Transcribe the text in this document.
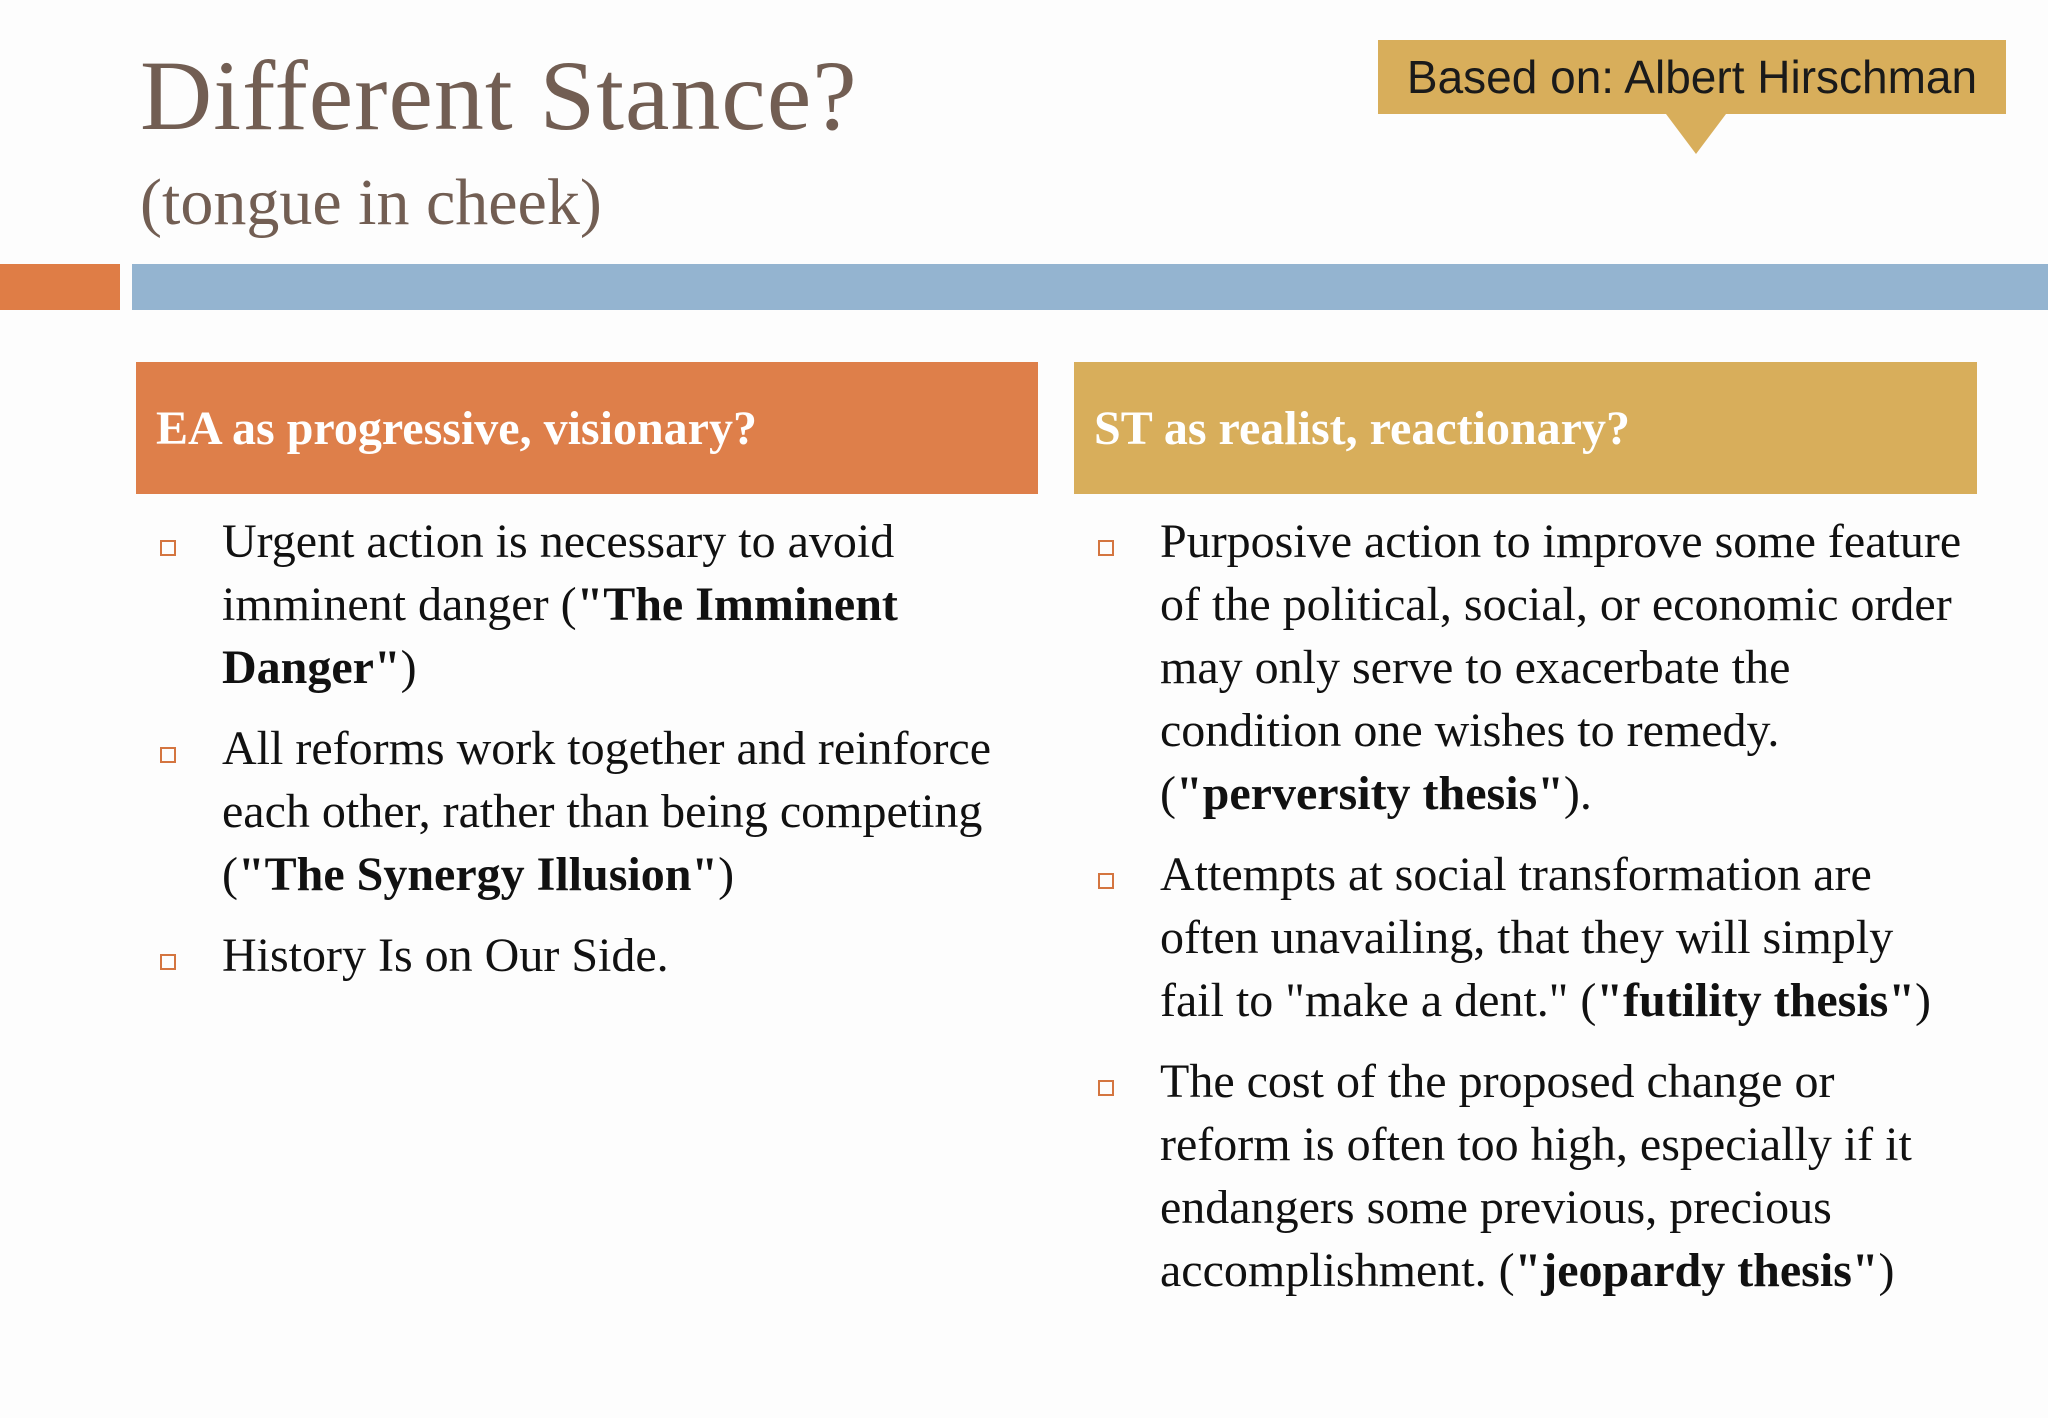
Different Stance?
(tongue in cheek)
Based on: Albert Hirschman
EA as progressive, visionary?	ST as realist, reactionary?
Urgent action is necessary to avoid imminent danger ("The Imminent Danger")
All reforms work together and reinforce each other, rather than being competing ("The Synergy Illusion")
History Is on Our Side.
Purposive action to improve some feature of the political, social, or economic order may only serve to exacerbate the condition one wishes to remedy. ("perversity thesis").
Attempts at social transformation are often unavailing, that they will simply fail to "make a dent." ("futility thesis")
The cost of the proposed change or reform is often too high, especially if it endangers some previous, precious accomplishment. ("jeopardy thesis")
